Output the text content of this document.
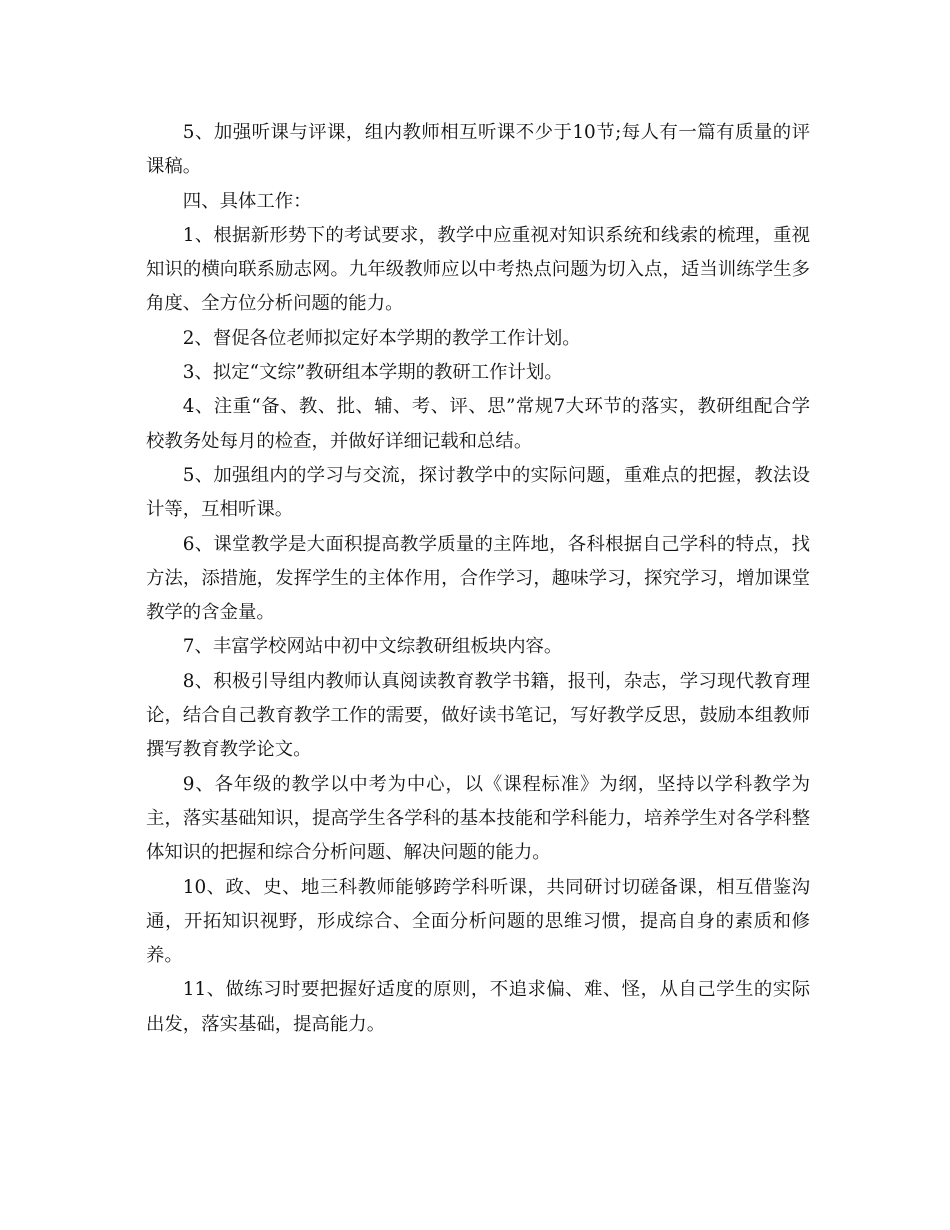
5、加强听课与评课，组内教师相互听课不少于10节;每人有一篇有质量的评课稿。

四、具体工作：

1、根据新形势下的考试要求，教学中应重视对知识系统和线索的梳理，重视知识的横向联系励志网。九年级教师应以中考热点问题为切入点，适当训练学生多角度、全方位分析问题的能力。

2、督促各位老师拟定好本学期的教学工作计划。

3、拟定“文综”教研组本学期的教研工作计划。

4、注重“备、教、批、辅、考、评、思”常规7大环节的落实，教研组配合学校教务处每月的检查，并做好详细记载和总结。

5、加强组内的学习与交流，探讨教学中的实际问题，重难点的把握，教法设计等，互相听课。

6、课堂教学是大面积提高教学质量的主阵地，各科根据自己学科的特点，找方法，添措施，发挥学生的主体作用，合作学习，趣味学习，探究学习，增加课堂教学的含金量。

7、丰富学校网站中初中文综教研组板块内容。

8、积极引导组内教师认真阅读教育教学书籍，报刊，杂志，学习现代教育理论，结合自己教育教学工作的需要，做好读书笔记，写好教学反思，鼓励本组教师撰写教育教学论文。

9、各年级的教学以中考为中心，以《课程标准》为纲，坚持以学科教学为主，落实基础知识，提高学生各学科的基本技能和学科能力，培养学生对各学科整体知识的把握和综合分析问题、解决问题的能力。

10、政、史、地三科教师能够跨学科听课，共同研讨切磋备课，相互借鉴沟通，开拓知识视野，形成综合、全面分析问题的思维习惯，提高自身的素质和修养。

11、做练习时要把握好适度的原则，不追求偏、难、怪，从自己学生的实际出发，落实基础，提高能力。
